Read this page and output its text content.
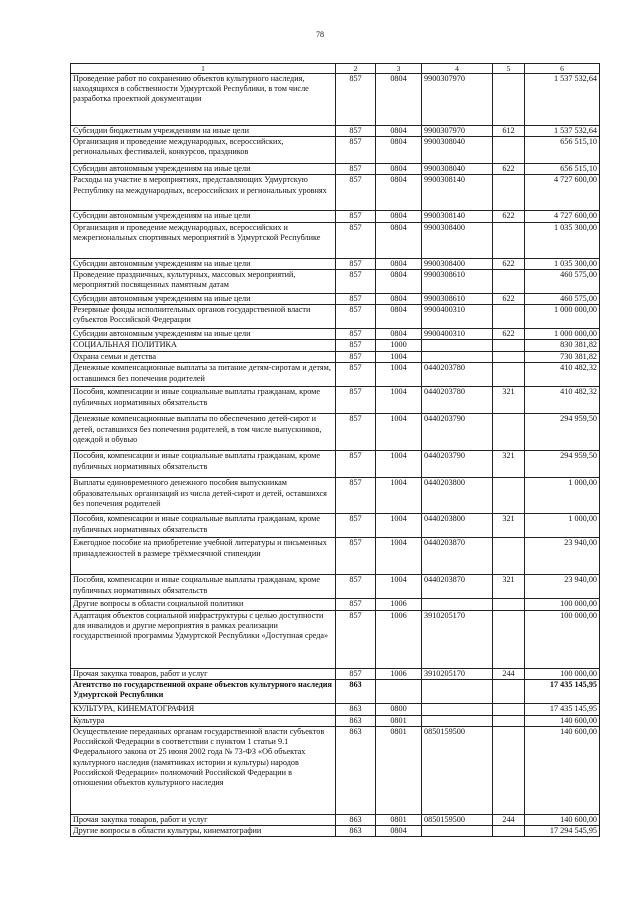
78
1	2	3	4	5	6
Проведение работ по сохранению объектов культурного наследия, находящихся в собственности Удмуртской Республики, в том числе разработка проектной документации	857	0804	9900307970		1 537 532,64
Субсидии бюджетным учреждениям на иные цели	857	0804	9900307970	612	1 537 532,64
Организация и проведение международных, всероссийских, региональных фестивалей, конкурсов, праздников	857	0804	9900308040		656 515,10
Субсидии автономным учреждениям на иные цели	857	0804	9900308040	622	656 515,10
Расходы на участие в мероприятиях, представляющих Удмуртскую Республику на международных, всероссийских и региональных уровнях	857	0804	9900308140		4 727 600,00
Субсидии автономным учреждениям на иные цели	857	0804	9900308140	622	4 727 600,00
Организация и проведение международных, всероссийских и межрегиональных спортивных мероприятий в Удмуртской Республике	857	0804	9900308400		1 035 300,00
Субсидии автономным учреждениям на иные цели	857	0804	9900308400	622	1 035 300,00
Проведение праздничных, культурных, массовых мероприятий, мероприятий посвященных памятным датам	857	0804	9900308610		460 575,00
Субсидии автономным учреждениям на иные цели	857	0804	9900308610	622	460 575,00
Резервные фонды исполнительных органов государственной власти субъектов Российской Федерации	857	0804	9900400310		1 000 000,00
Субсидии автономным учреждениям на иные цели	857	0804	9900400310	622	1 000 000,00
СОЦИАЛЬНАЯ ПОЛИТИКА	857	1000			830 381,82
Охрана семьи и детства	857	1004			730 381,82
Денежные компенсационные выплаты за питание детям-сиротам и детям, оставшимся без попечения родителей	857	1004	0440203780		410 482,32
Пособия, компенсации и иные социальные выплаты гражданам, кроме публичных нормативных обязательств	857	1004	0440203780	321	410 482,32
Денежные компенсационные выплаты по обеспечению детей-сирот и детей, оставшихся без попечения родителей, в том числе выпускников, одеждой и обувью	857	1004	0440203790		294 959,50
Пособия, компенсации и иные социальные выплаты гражданам, кроме публичных нормативных обязательств	857	1004	0440203790	321	294 959,50
Выплаты единовременного денежного пособия выпускникам образовательных организаций из числа детей-сирот и детей, оставшихся без попечения родителей	857	1004	0440203800		1 000,00
Пособия, компенсации и иные социальные выплаты гражданам, кроме публичных нормативных обязательств	857	1004	0440203800	321	1 000,00
Ежегодное пособие на приобретение учебной литературы и письменных принадлежностей в размере трёхмесячной стипендии	857	1004	0440203870		23 940,00
Пособия, компенсации и иные социальные выплаты гражданам, кроме публичных нормативных обязательств	857	1004	0440203870	321	23 940,00
Другие вопросы в области социальной политики	857	1006			100 000,00
Адаптация объектов социальной инфраструктуры с целью доступности для инвалидов и другие мероприятия в рамках реализации государственной программы Удмуртской Республики «Доступная среда»	857	1006	3910205170		100 000,00
Прочая закупка товаров, работ и услуг	857	1006	3910205170	244	100 000,00
Агентство по государственной охране объектов культурного наследия Удмуртской Республики	863				17 435 145,95
КУЛЬТУРА, КИНЕМАТОГРАФИЯ	863	0800			17 435 145,95
Культура	863	0801			140 600,00
Осуществление переданных органам государственной власти субъектов Российской Федерации в соответствии с пунктом 1 статьи 9.1 Федерального закона от 25 июня 2002 года № 73-ФЗ «Об объектах культурного наследия (памятниках истории и культуры) народов Российской Федерации» полномочий Российской Федерации в отношении объектов культурного наследия	863	0801	0850159500		140 600,00
Прочая закупка товаров, работ и услуг	863	0801	0850159500	244	140 600,00
Другие вопросы в области культуры, кинематографии	863	0804			17 294 545,95
